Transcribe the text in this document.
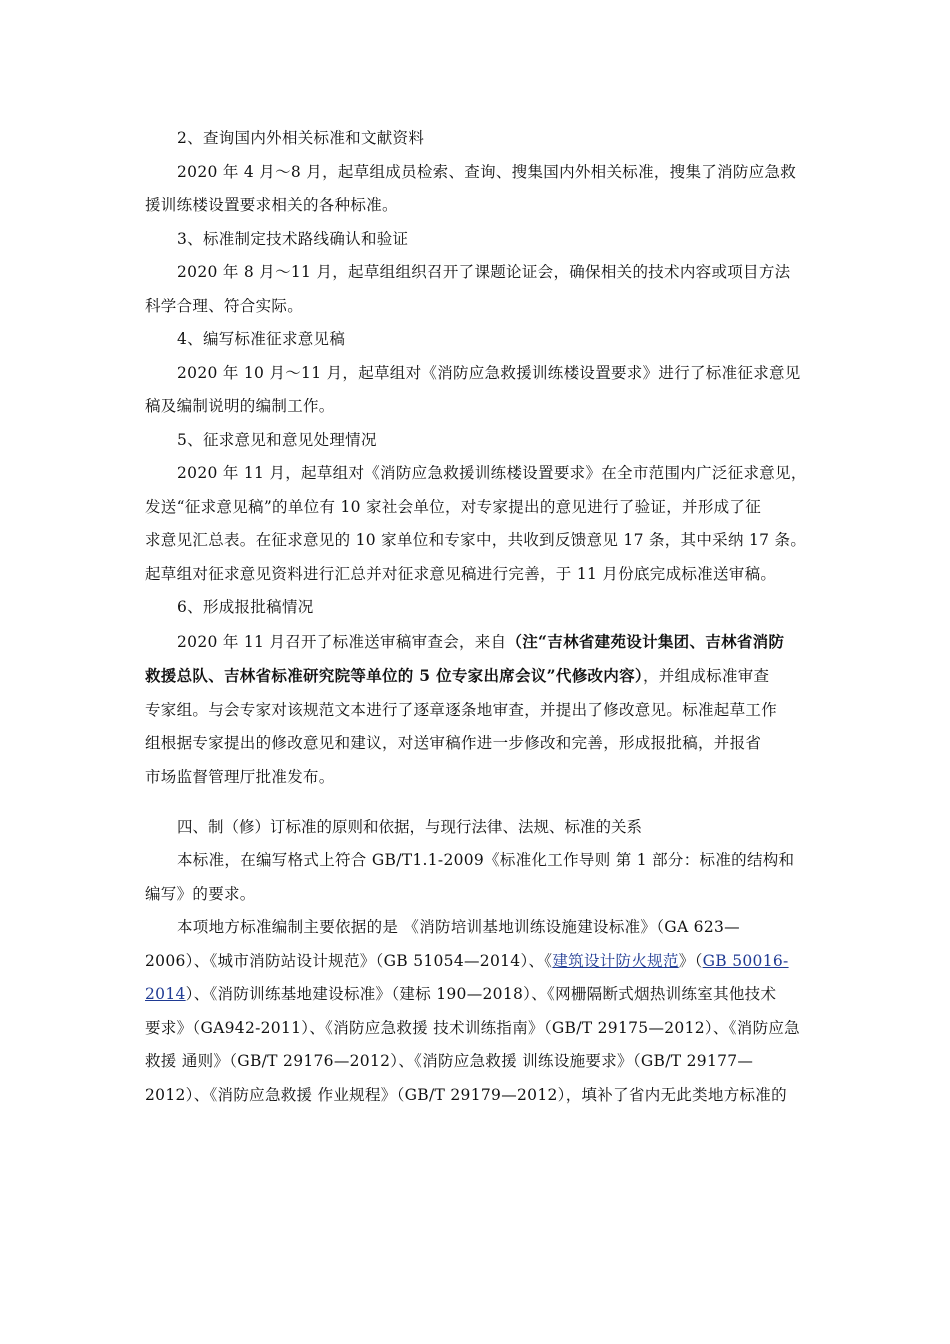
2、查询国内外相关标准和文献资料
2020 年 4 月～8 月，起草组成员检索、查询、搜集国内外相关标准，搜集了消防应急救
援训练楼设置要求相关的各种标准。
3、标准制定技术路线确认和验证
2020 年 8 月～11 月，起草组组织召开了课题论证会，确保相关的技术内容或项目方法
科学合理、符合实际。
4、编写标准征求意见稿
2020 年 10 月～11 月，起草组对《消防应急救援训练楼设置要求》进行了标准征求意见
稿及编制说明的编制工作。
5、征求意见和意见处理情况
2020 年 11 月，起草组对《消防应急救援训练楼设置要求》在全市范围内广泛征求意见，
发送“征求意见稿”的单位有 10 家社会单位，对专家提出的意见进行了验证，并形成了征
求意见汇总表。在征求意见的 10 家单位和专家中，共收到反馈意见 17 条，其中采纳 17 条。
起草组对征求意见资料进行汇总并对征求意见稿进行完善，于 11 月份底完成标准送审稿。
6、形成报批稿情况
2020 年 11 月召开了标准送审稿审查会，来自（注“吉林省建苑设计集团、吉林省消防
救援总队、吉林省标准研究院等单位的 5 位专家出席会议”代修改内容），并组成标准审查
专家组。与会专家对该规范文本进行了逐章逐条地审查，并提出了修改意见。标准起草工作
组根据专家提出的修改意见和建议，对送审稿作进一步修改和完善，形成报批稿，并报省
市场监督管理厅批准发布。
四、制（修）订标准的原则和依据，与现行法律、法规、标准的关系
本标准，在编写格式上符合 GB/T1.1-2009《标准化工作导则 第 1 部分：标准的结构和
编写》的要求。
本项地方标准编制主要依据的是 《消防培训基地训练设施建设标准》（GA 623—
2006）、《城市消防站设计规范》（GB 51054—2014）、《建筑设计防火规范》（GB 50016-
2014）、《消防训练基地建设标准》（建标 190—2018）、《网栅隔断式烟热训练室其他技术
要求》（GA942-2011）、《消防应急救援 技术训练指南》（GB/T 29175—2012）、《消防应急
救援 通则》（GB/T 29176—2012）、《消防应急救援 训练设施要求》（GB/T 29177—
2012）、《消防应急救援 作业规程》（GB/T 29179—2012），填补了省内无此类地方标准的
